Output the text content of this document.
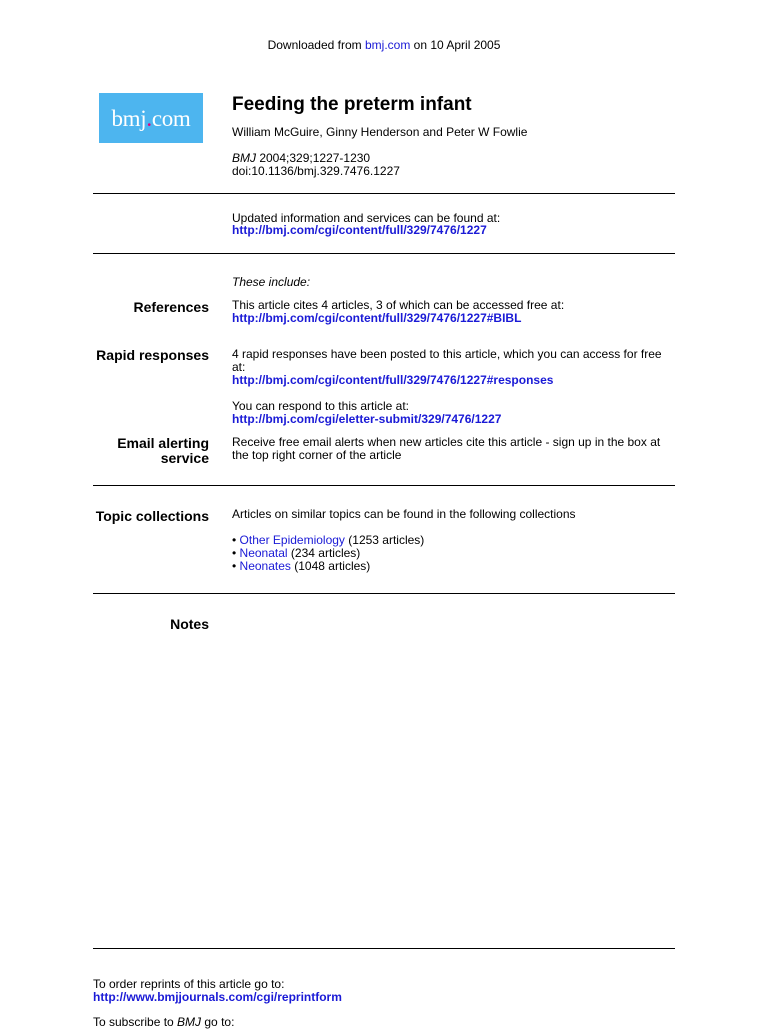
Downloaded from bmj.com on 10 April 2005
bmj . com
Feeding the preterm infant
William McGuire, Ginny Henderson and Peter W Fowlie
BMJ 2004;329;1227-1230
doi:10.1136/bmj.329.7476.1227
Updated information and services can be found at:
http://bmj.com/cgi/content/full/329/7476/1227
These include:
References This article cites 4 articles, 3 of which can be accessed free at:
http://bmj.com/cgi/content/full/329/7476/1227#BIBL
Rapid responses 4 rapid responses have been posted to this article, which you can access for free at:
http://bmj.com/cgi/content/full/329/7476/1227#responses
You can respond to this article at:
http://bmj.com/cgi/eletter-submit/329/7476/1227
Email alerting
service
Receive free email alerts when new articles cite this article - sign up in the box at the top right corner of the article
Topic collections Articles on similar topics can be found in the following collections
• Other Epidemiology (1253 articles)
• Neonatal (234 articles)
• Neonates (1048 articles)
Notes
To order reprints of this article go to:
http://www.bmjjournals.com/cgi/reprintform
To subscribe to BMJ go to:
